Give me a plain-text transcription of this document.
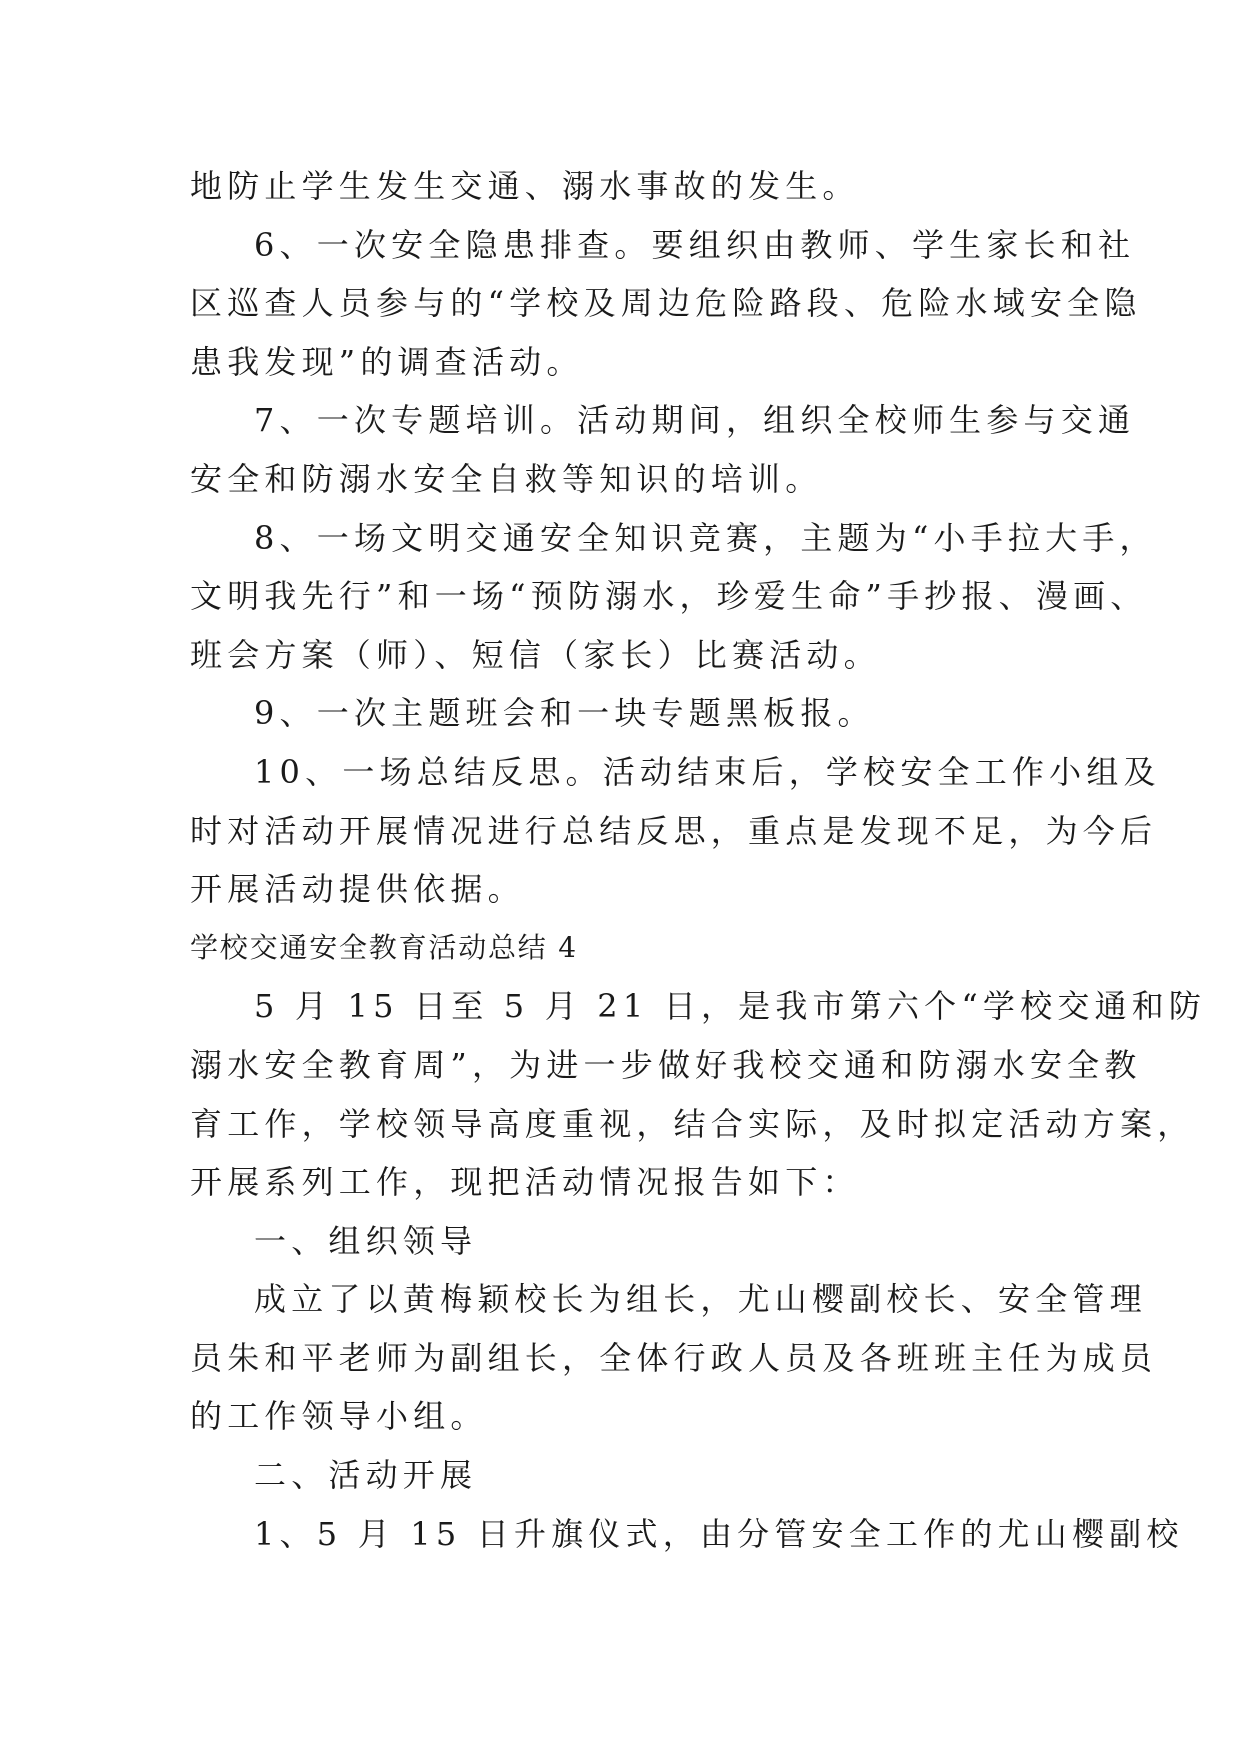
地防止学生发生交通、溺水事故的发生。
6、一次安全隐患排查。要组织由教师、学生家长和社
区巡查人员参与的“学校及周边危险路段、危险水域安全隐
患我发现”的调查活动。
7、一次专题培训。活动期间，组织全校师生参与交通
安全和防溺水安全自救等知识的培训。
8、一场文明交通安全知识竞赛，主题为“小手拉大手，
文明我先行”和一场“预防溺水，珍爱生命”手抄报、漫画、
班会方案（师）、短信（家长）比赛活动。
9、一次主题班会和一块专题黑板报。
10、一场总结反思。活动结束后，学校安全工作小组及
时对活动开展情况进行总结反思，重点是发现不足，为今后
开展活动提供依据。
学校交通安全教育活动总结 4
5 月 15 日至 5 月 21 日，是我市第六个“学校交通和防
溺水安全教育周”，为进一步做好我校交通和防溺水安全教
育工作，学校领导高度重视，结合实际，及时拟定活动方案，
开展系列工作，现把活动情况报告如下：
一、组织领导
成立了以黄梅颖校长为组长，尤山樱副校长、安全管理
员朱和平老师为副组长，全体行政人员及各班班主任为成员
的工作领导小组。
二、活动开展
1、5 月 15 日升旗仪式，由分管安全工作的尤山樱副校
